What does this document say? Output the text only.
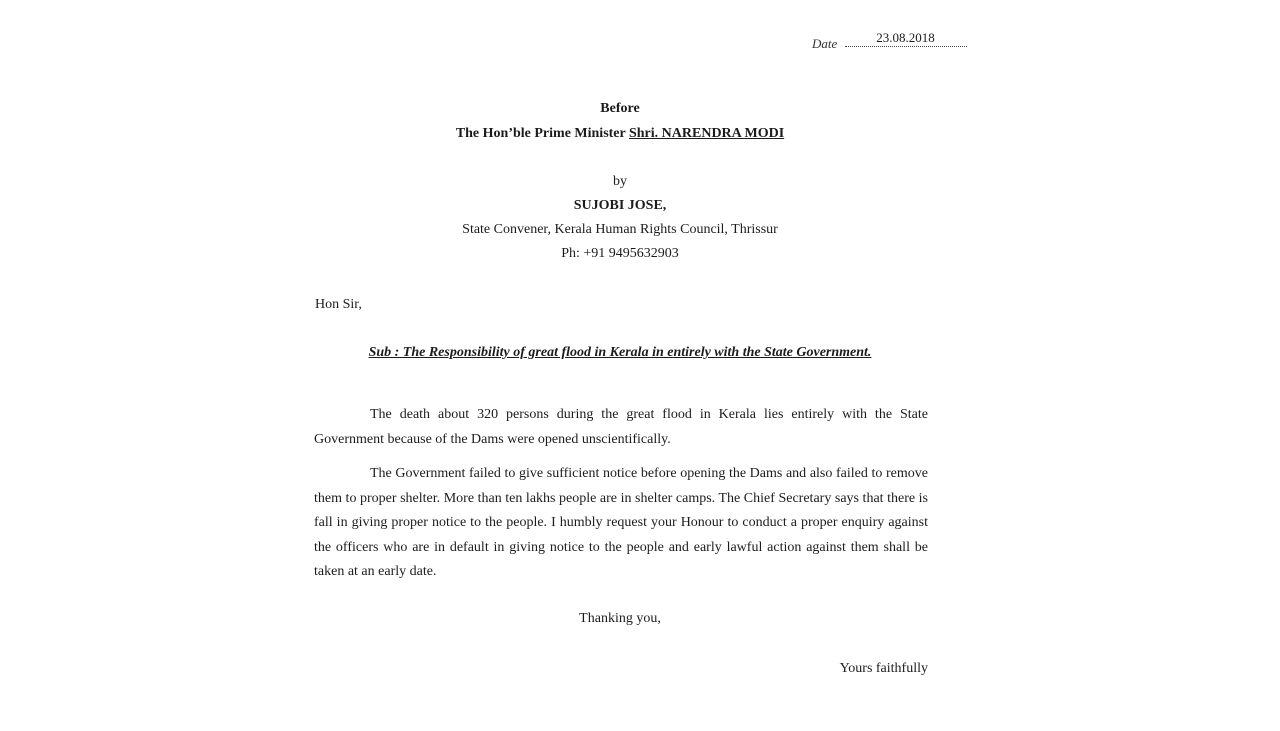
Date	23.08.2018
Before
The Hon’ble Prime Minister Shri. NARENDRA MODI
by
SUJOBI JOSE,
State Convener, Kerala Human Rights Council, Thrissur
Ph: +91 9495632903
Hon Sir,
Sub : The Responsibility of great flood in Kerala in entirely with the State Government.

The death about 320 persons during the great flood in Kerala lies entirely with the State Government because of the Dams were opened unscientifically.

The Government failed to give sufficient notice before opening the Dams and also failed to remove them to proper shelter. More than ten lakhs people are in shelter camps. The Chief Secretary says that there is fall in giving proper notice to the people. I humbly request your Honour to conduct a proper enquiry against the officers who are in default in giving notice to the people and early lawful action against them shall be taken at an early date.

Thanking you,
Yours faithfully
